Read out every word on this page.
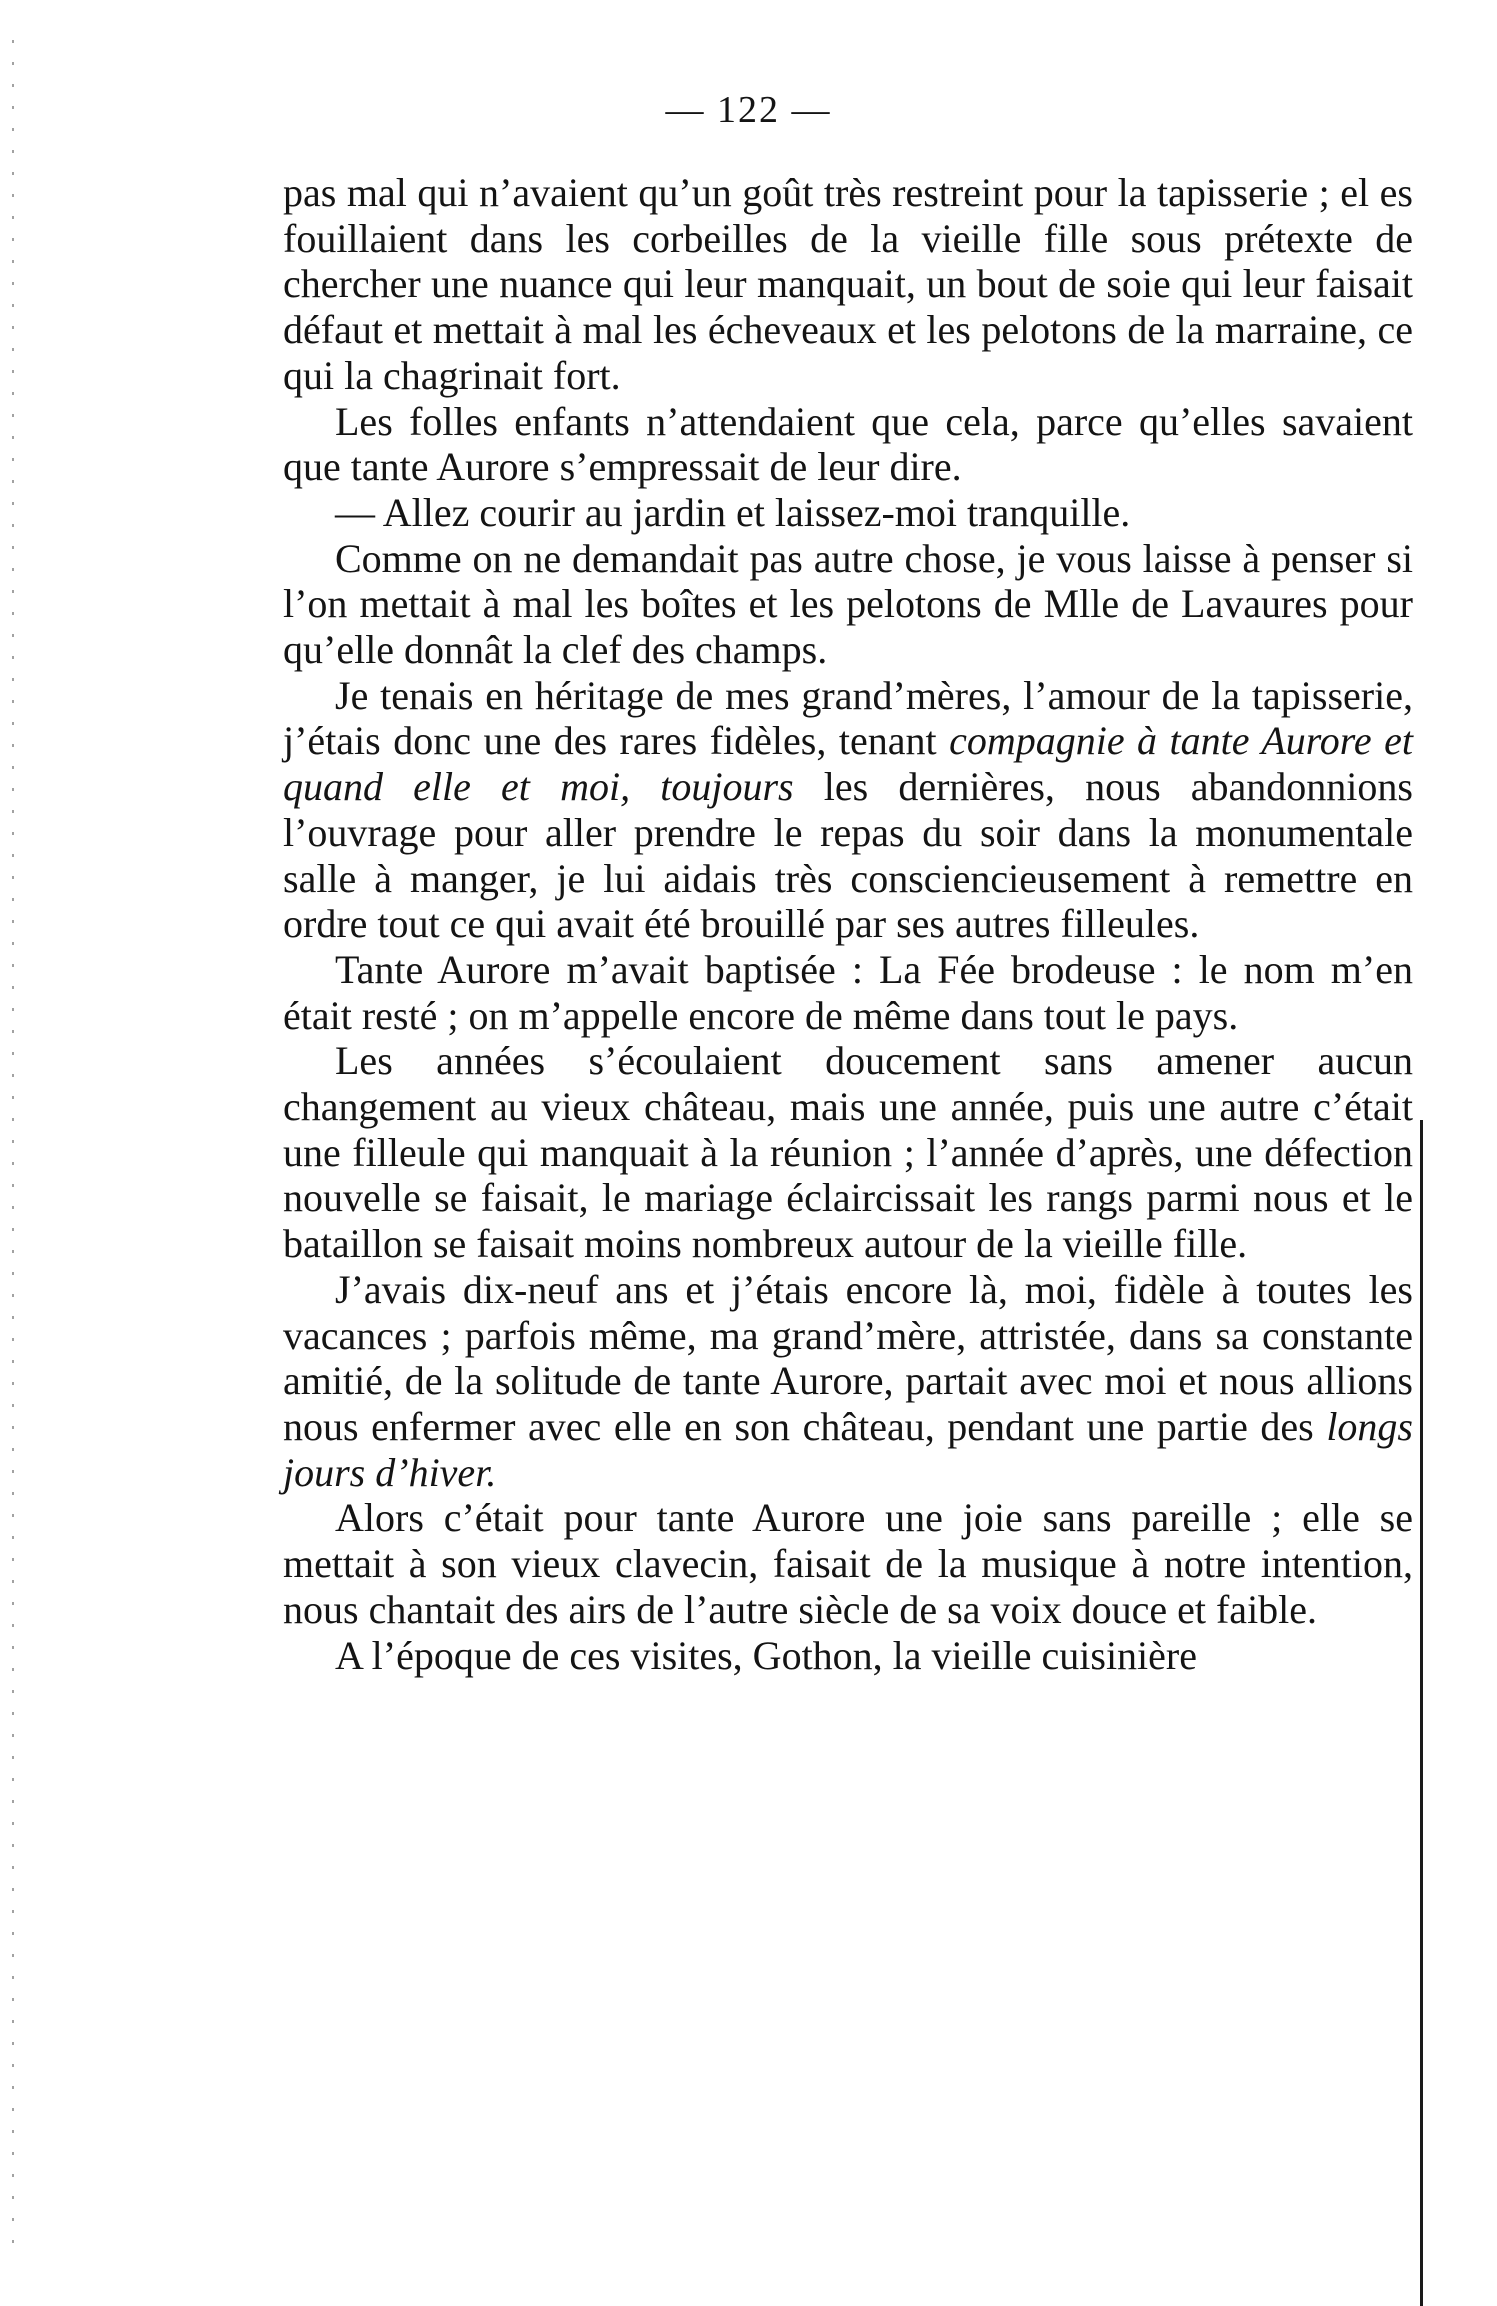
— 122 —

pas mal qui n’avaient qu’un goût très restreint pour la tapisserie ; el es fouillaient dans les corbeilles de la vieille fille sous prétexte de chercher une nuance qui leur manquait, un bout de soie qui leur faisait défaut et mettait à mal les écheveaux et les pelotons de la marraine, ce qui la chagrinait fort.

Les folles enfants n’attendaient que cela, parce qu’elles savaient que tante Aurore s’empressait de leur dire.

— Allez courir au jardin et laissez-moi tranquille.

Comme on ne demandait pas autre chose, je vous laisse à penser si l’on mettait à mal les boîtes et les pelotons de Mlle de Lavaures pour qu’elle donnât la clef des champs.

Je tenais en héritage de mes grand’mères, l’amour de la tapisserie, j’étais donc une des rares fidèles, tenant compagnie à tante Aurore et quand elle et moi, toujours les dernières, nous abandonnions l’ouvrage pour aller prendre le repas du soir dans la monumentale salle à manger, je lui aidais très consciencieusement à remettre en ordre tout ce qui avait été brouillé par ses autres filleules.

Tante Aurore m’avait baptisée : La Fée brodeuse : le nom m’en était resté ; on m’appelle encore de même dans tout le pays.

Les années s’écoulaient doucement sans amener aucun changement au vieux château, mais une année, puis une autre c’était une filleule qui manquait à la réunion ; l’année d’après, une défection nouvelle se faisait, le mariage éclaircissait les rangs parmi nous et le bataillon se faisait moins nombreux autour de la vieille fille.

J’avais dix-neuf ans et j’étais encore là, moi, fidèle à toutes les vacances ; parfois même, ma grand’mère, attristée, dans sa constante amitié, de la solitude de tante Aurore, partait avec moi et nous allions nous enfermer avec elle en son château, pendant une partie des longs jours d’hiver.

Alors c’était pour tante Aurore une joie sans pareille ; elle se mettait à son vieux clavecin, faisait de la musique à notre intention, nous chantait des airs de l’autre siècle de sa voix douce et faible.

A l’époque de ces visites, Gothon, la vieille cuisinière
